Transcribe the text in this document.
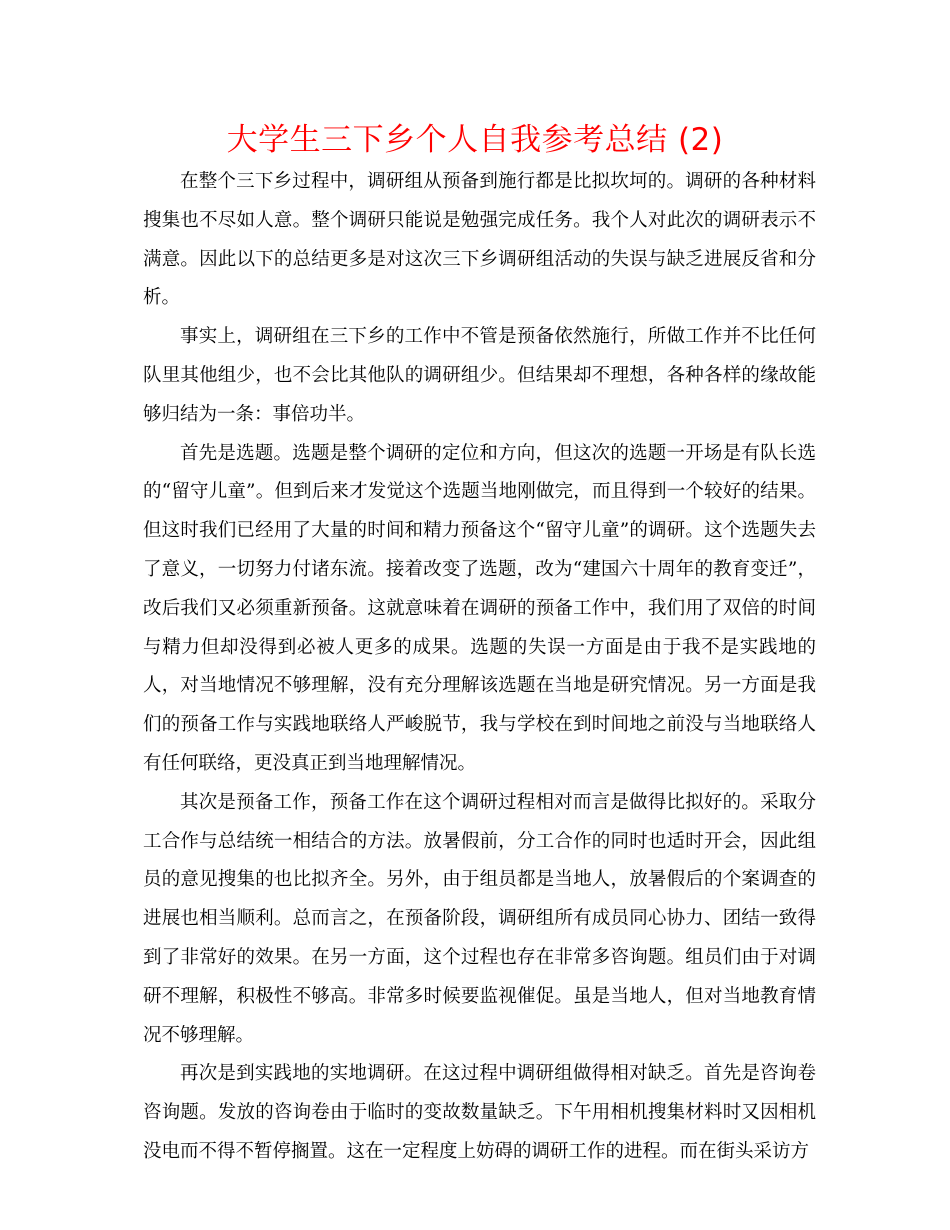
大学生三下乡个人自我参考总结 (2)

在整个三下乡过程中，调研组从预备到施行都是比拟坎坷的。调研的各种材料搜集也不尽如人意。整个调研只能说是勉强完成任务。我个人对此次的调研表示不满意。因此以下的总结更多是对这次三下乡调研组活动的失误与缺乏进展反省和分析。

事实上，调研组在三下乡的工作中不管是预备依然施行，所做工作并不比任何队里其他组少，也不会比其他队的调研组少。但结果却不理想，各种各样的缘故能够归结为一条：事倍功半。

首先是选题。选题是整个调研的定位和方向，但这次的选题一开场是有队长选的“留守儿童”。但到后来才发觉这个选题当地刚做完，而且得到一个较好的结果。但这时我们已经用了大量的时间和精力预备这个“留守儿童”的调研。这个选题失去了意义，一切努力付诸东流。接着改变了选题，改为“建国六十周年的教育变迁”，改后我们又必须重新预备。这就意味着在调研的预备工作中，我们用了双倍的时间与精力但却没得到必被人更多的成果。选题的失误一方面是由于我不是实践地的人，对当地情况不够理解，没有充分理解该选题在当地是研究情况。另一方面是我们的预备工作与实践地联络人严峻脱节，我与学校在到时间地之前没与当地联络人有任何联络，更没真正到当地理解情况。

其次是预备工作，预备工作在这个调研过程相对而言是做得比拟好的。采取分工合作与总结统一相结合的方法。放暑假前，分工合作的同时也适时开会，因此组员的意见搜集的也比拟齐全。另外，由于组员都是当地人，放暑假后的个案调查的进展也相当顺利。总而言之，在预备阶段，调研组所有成员同心协力、团结一致得到了非常好的效果。在另一方面，这个过程也存在非常多咨询题。组员们由于对调研不理解，积极性不够高。非常多时候要监视催促。虽是当地人，但对当地教育情况不够理解。

再次是到实践地的实地调研。在这过程中调研组做得相对缺乏。首先是咨询卷咨询题。发放的咨询卷由于临时的变故数量缺乏。下午用相机搜集材料时又因相机没电而不得不暂停搁置。这在一定程度上妨碍的调研工作的进程。而在街头采访方
